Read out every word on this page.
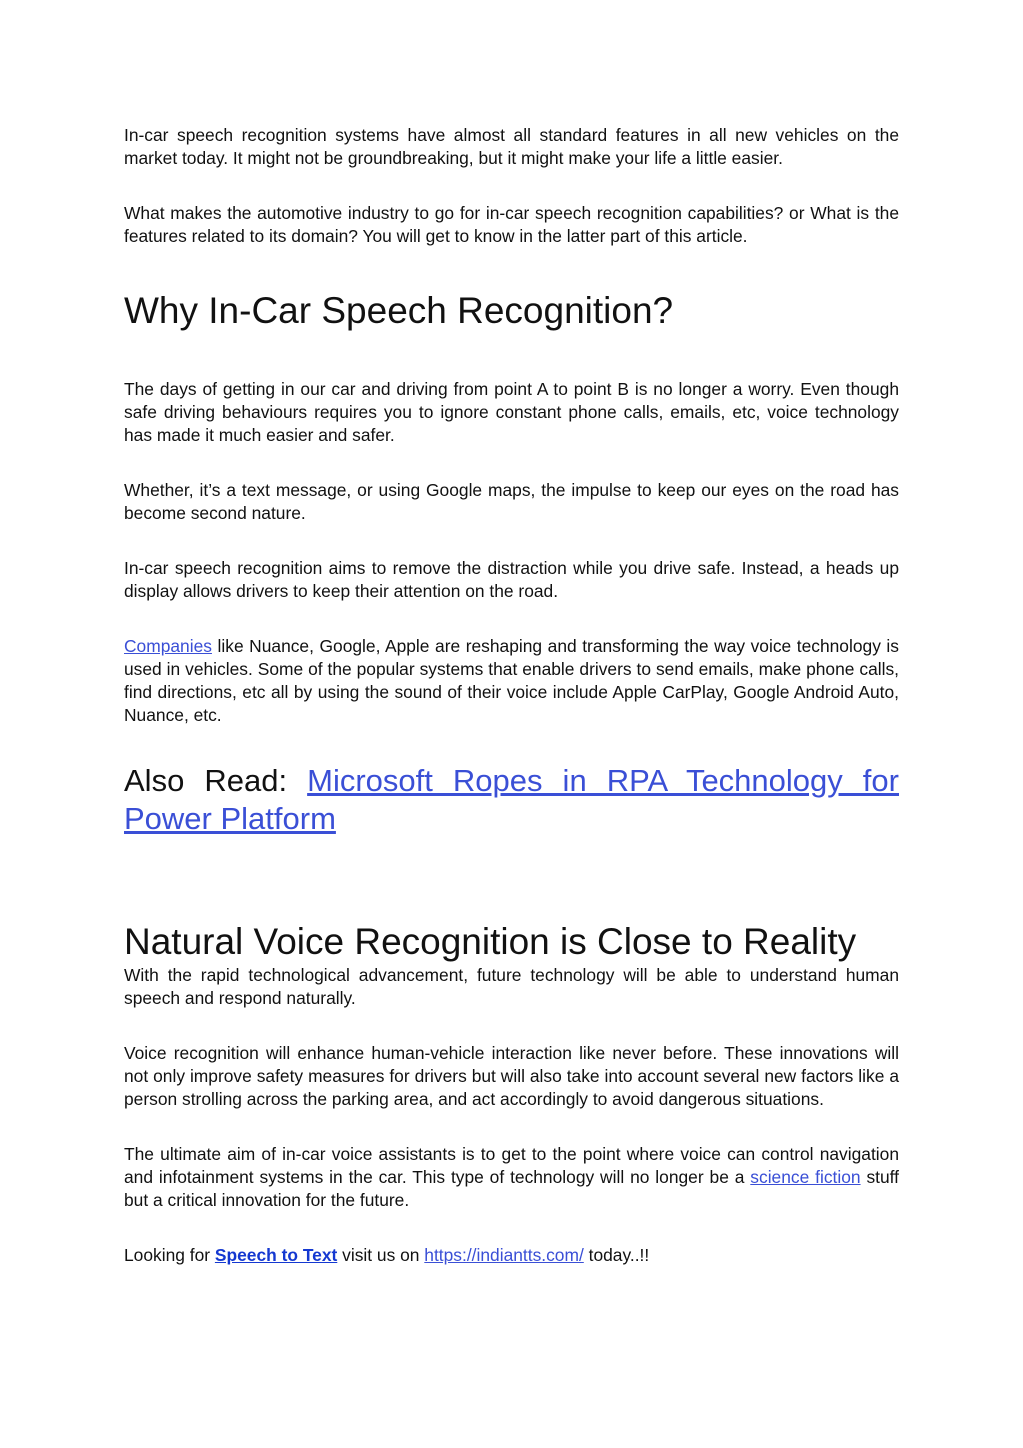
In-car speech recognition systems have almost all standard features in all new vehicles on the market today. It might not be groundbreaking, but it might make your life a little easier.

What makes the automotive industry to go for in-car speech recognition capabilities? or What is the features related to its domain? You will get to know in the latter part of this article.

Why In-Car Speech Recognition?

The days of getting in our car and driving from point A to point B is no longer a worry. Even though safe driving behaviours requires you to ignore constant phone calls, emails, etc, voice technology has made it much easier and safer.

Whether, it’s a text message, or using Google maps, the impulse to keep our eyes on the road has become second nature.

In-car speech recognition aims to remove the distraction while you drive safe. Instead, a heads up display allows drivers to keep their attention on the road.

Companies like Nuance, Google, Apple are reshaping and transforming the way voice technology is used in vehicles. Some of the popular systems that enable drivers to send emails, make phone calls, find directions, etc all by using the sound of their voice include Apple CarPlay, Google Android Auto, Nuance, etc.

Also Read: Microsoft Ropes in RPA Technology for Power Platform

Natural Voice Recognition is Close to Reality

With the rapid technological advancement, future technology will be able to understand human speech and respond naturally.

Voice recognition will enhance human-vehicle interaction like never before. These innovations will not only improve safety measures for drivers but will also take into account several new factors like a person strolling across the parking area, and act accordingly to avoid dangerous situations.

The ultimate aim of in-car voice assistants is to get to the point where voice can control navigation and infotainment systems in the car. This type of technology will no longer be a science fiction stuff but a critical innovation for the future.

Looking for Speech to Text visit us on https://indiantts.com/ today..!!
